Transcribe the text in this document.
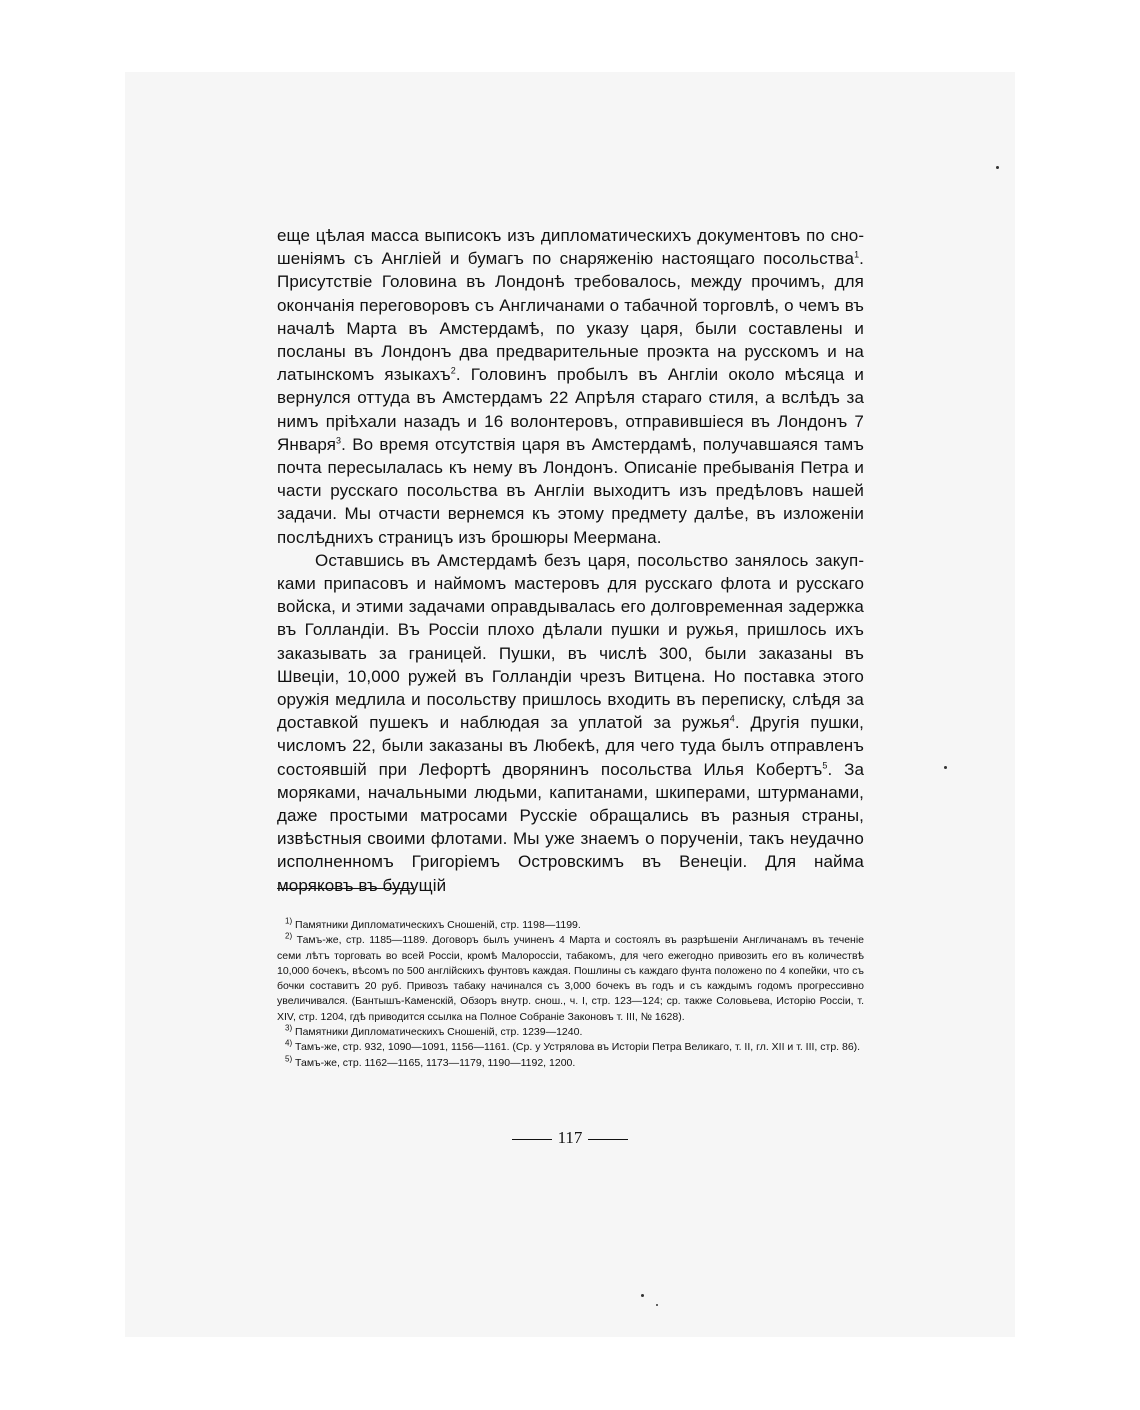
еще цѣлая масса выписокъ изъ дипломатическихъ документовъ по сношеніямъ съ Англіей и бумагъ по снаряженію настоящаго посольства$^1$. Присутствіе Головина въ Лондонѣ требовалось, между прочимъ, для окончанія переговоровъ съ Англичанами о табачной торговлѣ, о чемъ въ началѣ Марта въ Амстердамѣ, по указу царя, были составлены и посланы въ Лондонъ два предварительные проэкта на русскомъ и на латынскомъ языкахъ$^2$. Головинъ пробылъ въ Англіи около мѣсяца и вернулся оттуда въ Амстердамъ 22 Апрѣля стараго стиля, а вслѣдъ за нимъ пріѣхали назадъ и 16 волонтеровъ, отправившіеся въ Лондонъ 7 Января$^3$. Во время отсутствія царя въ Амстердамѣ, получавшаяся тамъ почта пересылалась къ нему въ Лондонъ. Описаніе пребыванія Петра и части русскаго посольства въ Англіи выходитъ изъ предѣловъ нашей задачи. Мы отчасти вернемся къ этому предмету далѣе, въ изложеніи послѣднихъ страницъ изъ брошюры Меермана.

Оставшись въ Амстердамѣ безъ царя, посольство занялось закупками припасовъ и наймомъ мастеровъ для русскаго флота и русскаго войска, и этими задачами оправдывалась его долговременная задержка въ Голландіи. Въ Россіи плохо дѣлали пушки и ружья, пришлось ихъ заказывать за границей. Пушки, въ числѣ 300, были заказаны въ Швеціи, 10,000 ружей въ Голландіи чрезъ Витцена. Но поставка этого оружія медлила и посольству пришлось входить въ переписку, слѣдя за доставкой пушекъ и наблюдая за уплатой за ружья$^4$. Другія пушки, числомъ 22, были заказаны въ Любекѣ, для чего туда былъ отправленъ состоявшій при Лефортѣ дворянинъ посольства Илья Кобертъ$^5$. За моряками, начальными людьми, капитанами, шкиперами, штурманами, даже простыми матросами Русскіе обращались въ разныя страны, извѣстныя своими флотами. Мы уже знаемъ о порученіи, такъ неудачно исполненномъ Григоріемъ Островскимъ въ Венеціи. Для найма моряковъ въ будущій

$^{1)}$ Памятники Дипломатическихъ Сношеній, стр. 1198—1199.

$^{2)}$ Тамъ-же, стр. 1185—1189. Договоръ былъ учиненъ 4 Марта и состоялъ въ разрѣшеніи Англичанамъ въ теченіе семи лѣтъ торговать во всей Россіи, кромѣ Малороссіи, табакомъ, для чего ежегодно привозить его въ количествѣ 10,000 бочекъ, вѣсомъ по 500 англійскихъ фунтовъ каждая. Пошлины съ каждаго фунта положено по 4 копейки, что съ бочки составитъ 20 руб. Привозъ табаку начинался съ 3,000 бочекъ въ годъ и съ каждымъ годомъ прогрессивно увеличивался. (Бантышъ-Каменскій, Обзоръ внутр. снош., ч. I, стр. 123—124; ср. также Соловьева, Исторію Россіи, т. XIV, стр. 1204, гдѣ приводится ссылка на Полное Собраніе Законовъ т. III, № 1628).

$^{3)}$ Памятники Дипломатическихъ Сношеній, стр. 1239—1240.

$^{4)}$ Тамъ-же, стр. 932, 1090—1091, 1156—1161. (Ср. у Устрялова въ Исторіи Петра Великаго, т. II, гл. XII и т. III, стр. 86).

$^{5)}$ Тамъ-же, стр. 1162—1165, 1173—1179, 1190—1192, 1200.

117
